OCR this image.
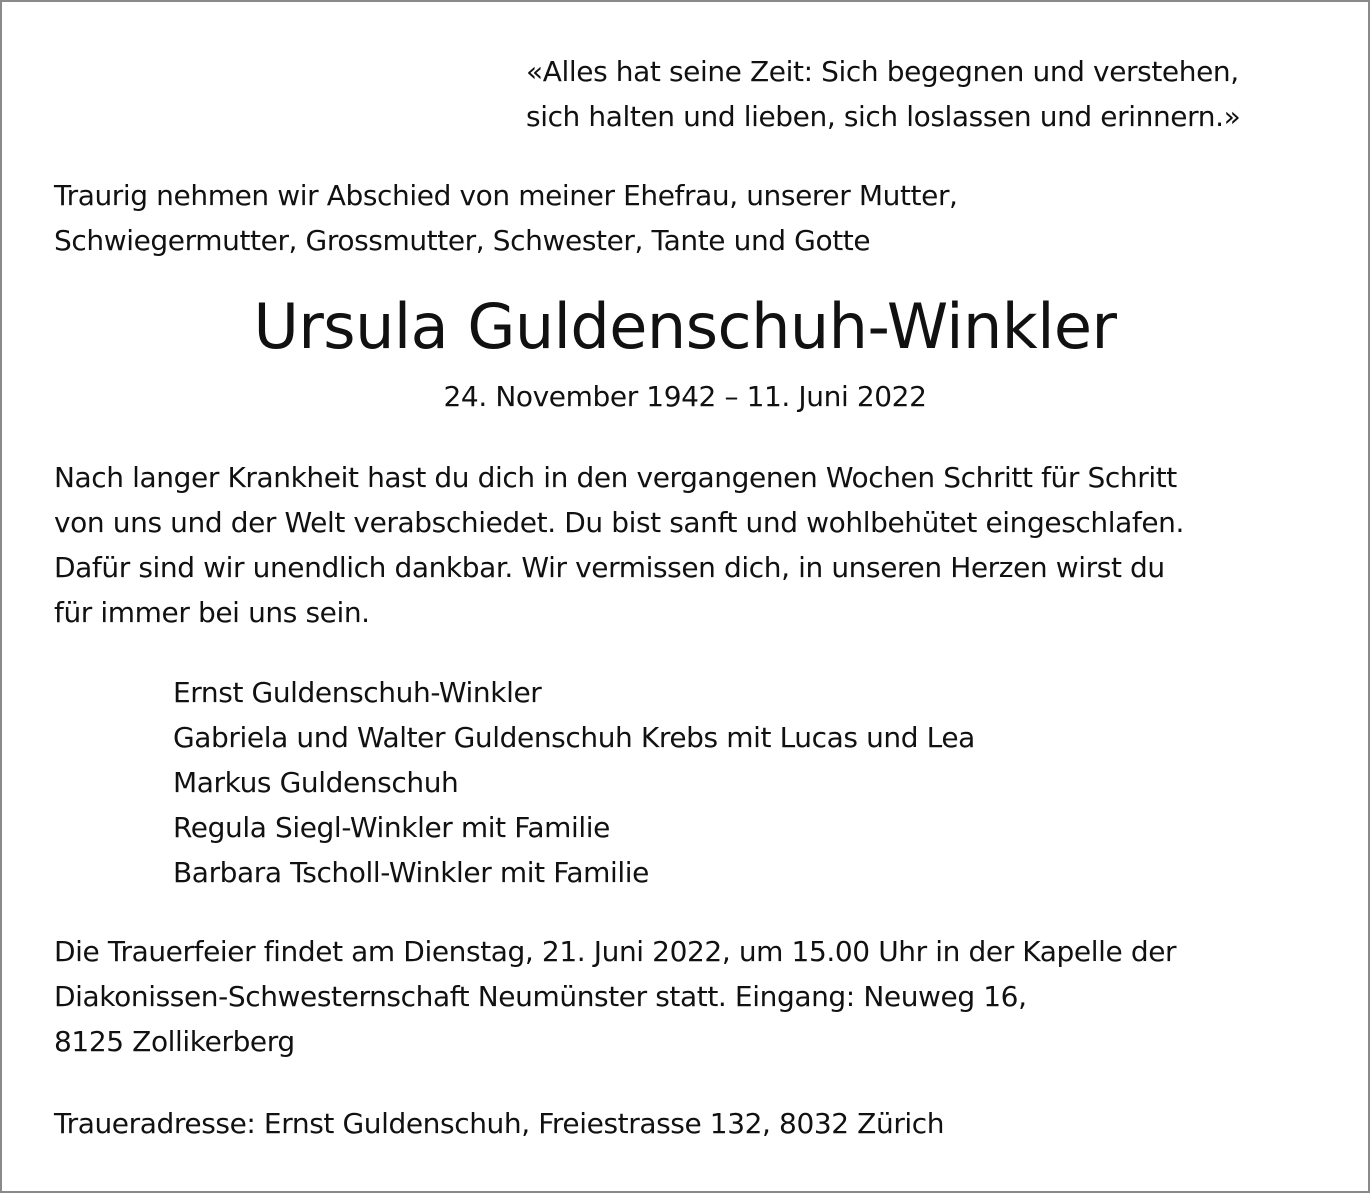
«Alles hat seine Zeit: Sich begegnen und verstehen,
sich halten und lieben, sich loslassen und erinnern.»
Traurig nehmen wir Abschied von meiner Ehefrau, unserer Mutter,
Schwiegermutter, Grossmutter, Schwester, Tante und Gotte
Ursula Guldenschuh-Winkler
24. November 1942 – 11. Juni 2022
Nach langer Krankheit hast du dich in den vergangenen Wochen Schritt für Schritt
von uns und der Welt verabschiedet. Du bist sanft und wohlbehütet eingeschlafen.
Dafür sind wir unendlich dankbar. Wir vermissen dich, in unseren Herzen wirst du
für immer bei uns sein.
Ernst Guldenschuh-Winkler
Gabriela und Walter Guldenschuh Krebs mit Lucas und Lea
Markus Guldenschuh
Regula Siegl-Winkler mit Familie
Barbara Tscholl-Winkler mit Familie
Die Trauerfeier findet am Dienstag, 21. Juni 2022, um 15.00 Uhr in der Kapelle der
Diakonissen-Schwesternschaft Neumünster statt. Eingang: Neuweg 16,
8125 Zollikerberg
Traueradresse: Ernst Guldenschuh, Freiestrasse 132, 8032 Zürich
